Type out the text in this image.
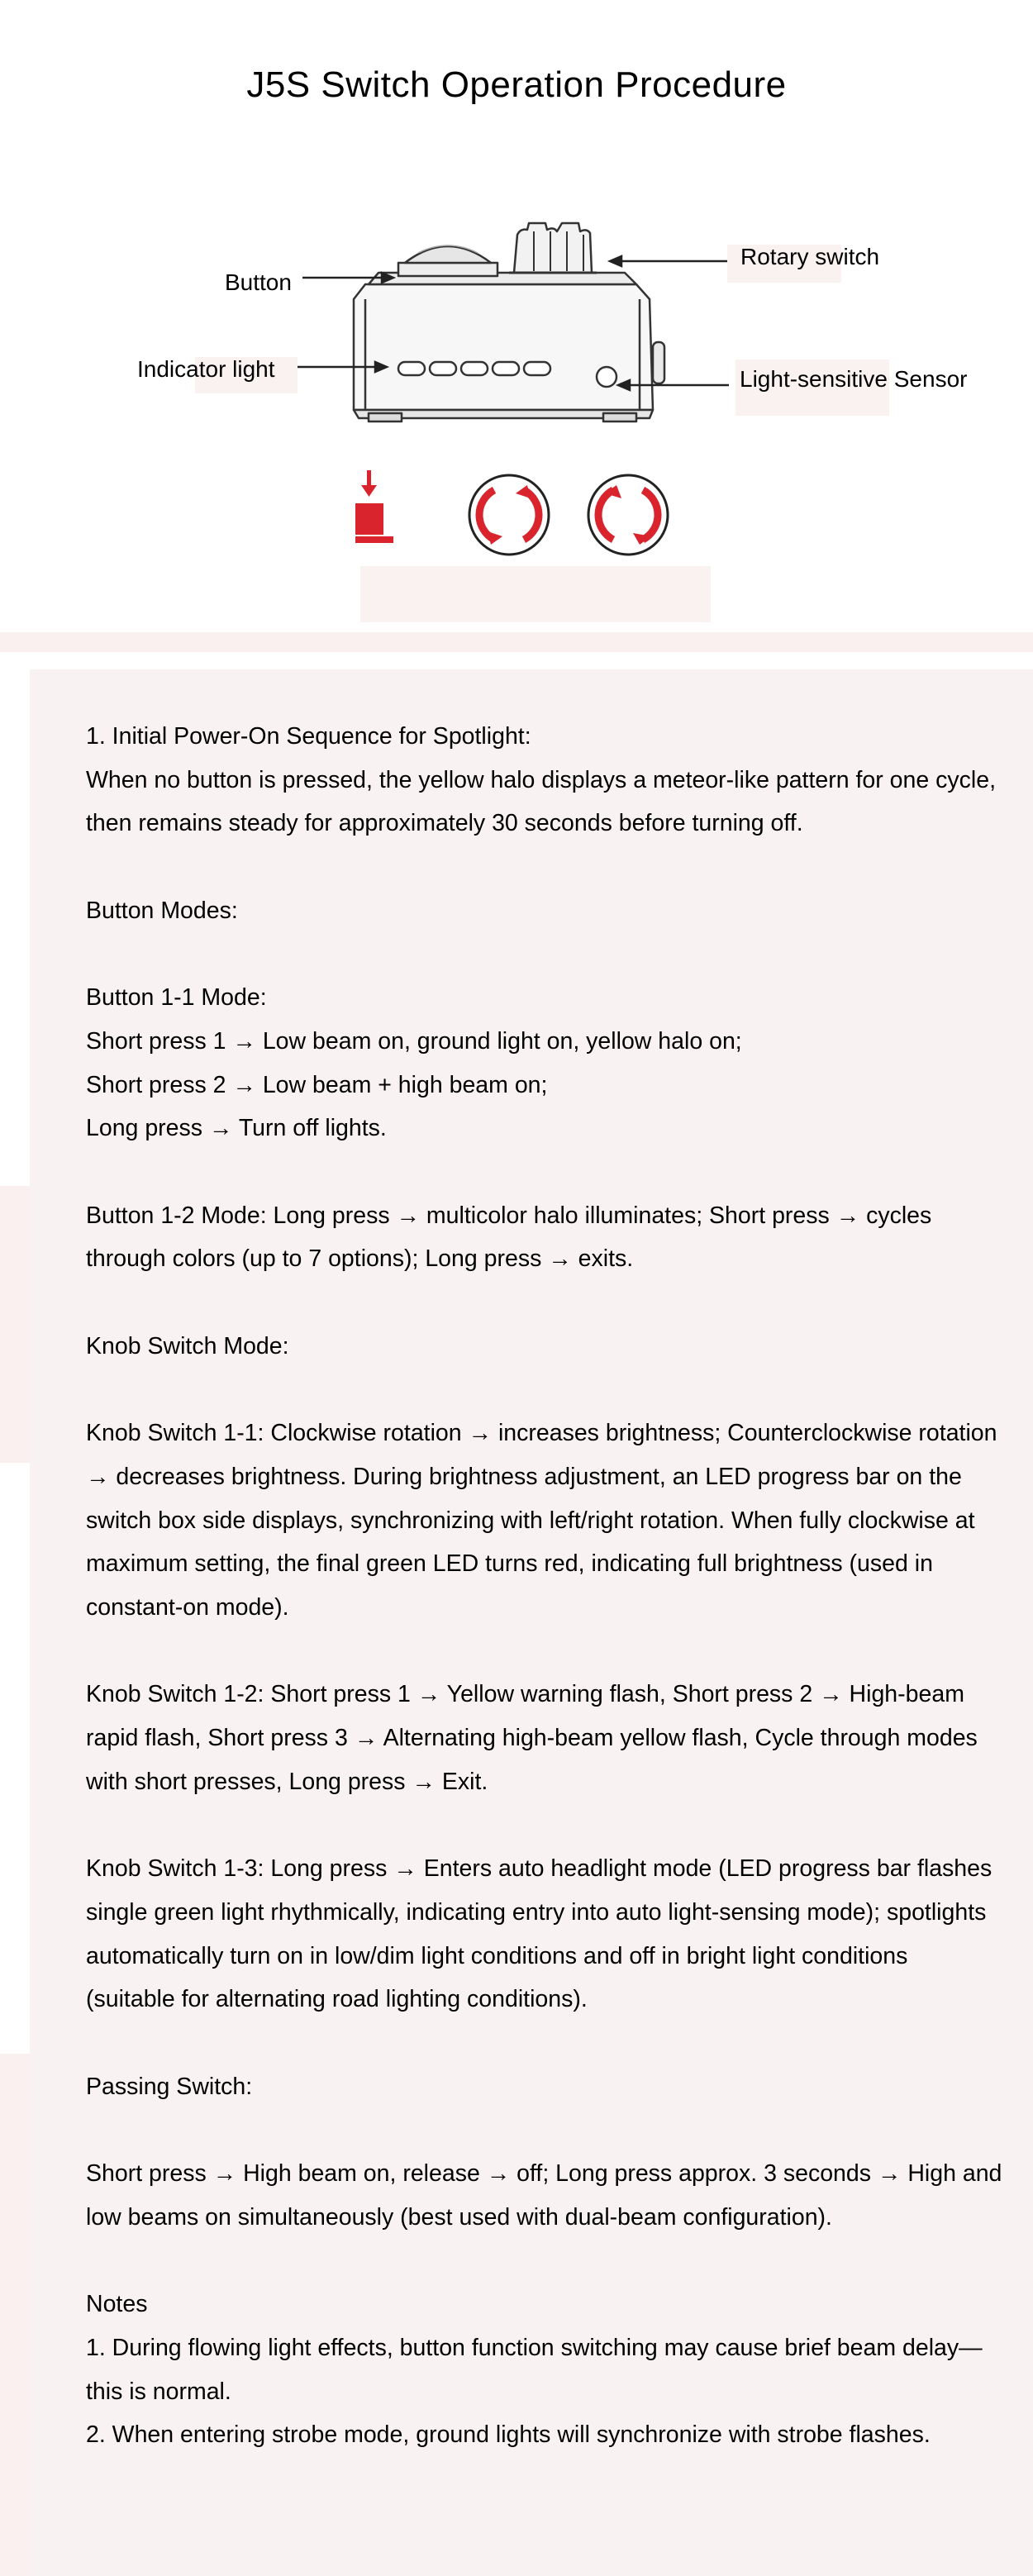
J5S Switch Operation Procedure
Button
Indicator light
Rotary switch
Light-sensitive Sensor

1. Initial Power-On Sequence for Spotlight:

When no button is pressed, the yellow halo displays a meteor-like pattern for one cycle,

then remains steady for approximately 30 seconds before turning off.

Button Modes:

Button 1-1 Mode:

Short press 1 → Low beam on, ground light on, yellow halo on;

Short press 2 → Low beam + high beam on;

Long press → Turn off lights.

Button 1-2 Mode: Long press → multicolor halo illuminates; Short press → cycles

through colors (up to 7 options); Long press → exits.

Knob Switch Mode:

Knob Switch 1-1: Clockwise rotation → increases brightness; Counterclockwise rotation

→ decreases brightness. During brightness adjustment, an LED progress bar on the

switch box side displays, synchronizing with left/right rotation. When fully clockwise at

maximum setting, the final green LED turns red, indicating full brightness (used in

constant-on mode).

Knob Switch 1-2: Short press 1 → Yellow warning flash, Short press 2 → High-beam

rapid flash, Short press 3 → Alternating high-beam yellow flash, Cycle through modes

with short presses, Long press → Exit.

Knob Switch 1-3: Long press → Enters auto headlight mode (LED progress bar flashes

single green light rhythmically, indicating entry into auto light-sensing mode); spotlights

automatically turn on in low/dim light conditions and off in bright light conditions

(suitable for alternating road lighting conditions).

Passing Switch:

Short press → High beam on, release → off; Long press approx. 3 seconds → High and

low beams on simultaneously (best used with dual-beam configuration).

Notes

1. During flowing light effects, button function switching may cause brief beam delay—

this is normal.

2. When entering strobe mode, ground lights will synchronize with strobe flashes.
